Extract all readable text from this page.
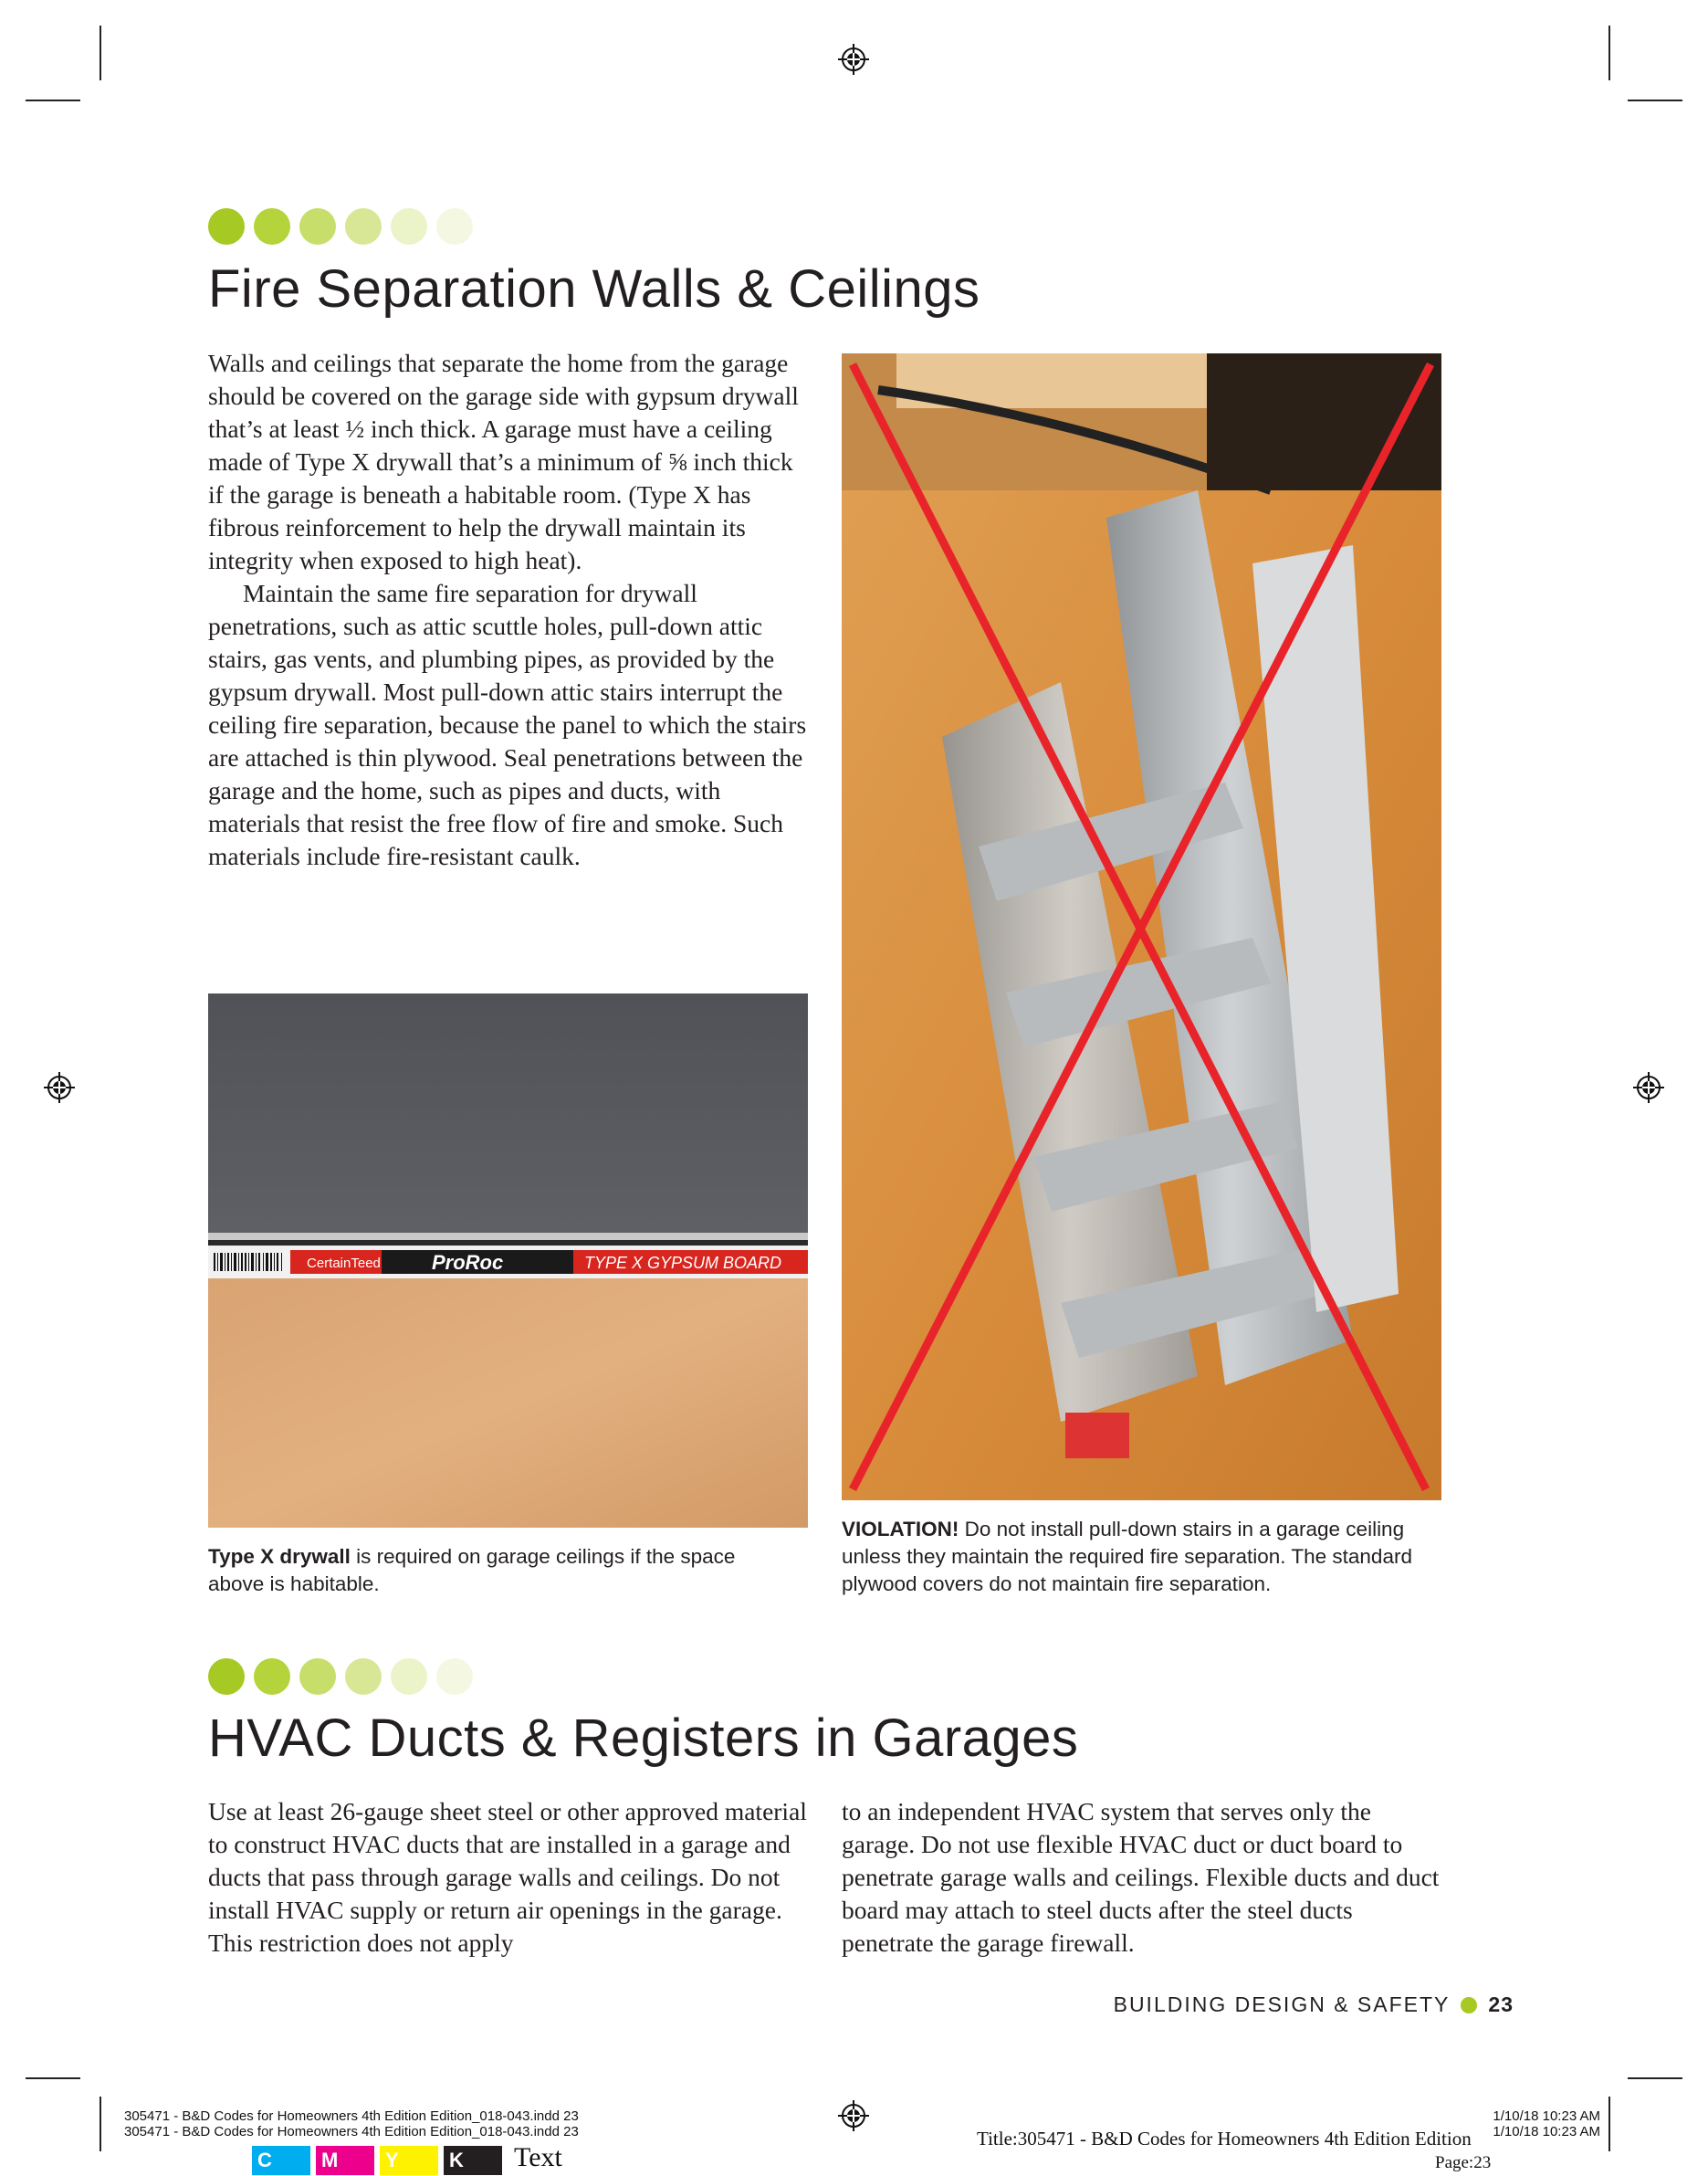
Fire Separation Walls & Ceilings

Walls and ceilings that separate the home from the garage should be covered on the garage side with gypsum drywall that’s at least ½ inch thick. A garage must have a ceiling made of Type X drywall that’s a minimum of ⅝ inch thick if the garage is beneath a habitable room. (Type X has fibrous reinforcement to help the drywall maintain its integrity when exposed to high heat).

Maintain the same fire separation for drywall penetrations, such as attic scuttle holes, pull-down attic stairs, gas vents, and plumbing pipes, as provided by the gypsum drywall. Most pull-down attic stairs interrupt the ceiling fire separation, because the panel to which the stairs are attached is thin plywood. Seal penetrations between the garage and the home, such as pipes and ducts, with materials that resist the free flow of fire and smoke. Such materials include fire-resistant caulk.

CertainTeed	ProRoc	TYPE X GYPSUM BOARD

Type X drywall is required on garage ceilings if the space above is habitable.

VIOLATION! Do not install pull-down stairs in a garage ceiling unless they maintain the required fire separation. The standard plywood covers do not maintain fire separation.

HVAC Ducts & Registers in Garages

Use at least 26-gauge sheet steel or other approved material to construct HVAC ducts that are installed in a garage and ducts that pass through garage walls and ceilings. Do not install HVAC supply or return air openings in the garage. This restriction does not apply

to an independent HVAC system that serves only the garage. Do not use flexible HVAC duct or duct board to penetrate garage walls and ceilings. Flexible ducts and duct board may attach to steel ducts after the steel ducts penetrate the garage firewall.

BUILDING DESIGN & SAFETY 23
305471 - B&D Codes for Homeowners 4th Edition Edition_018-043.indd 23
305471 - B&D Codes for Homeowners 4th Edition Edition_018-043.indd 23
1/10/18 10:23 AM
1/10/18 10:23 AM
Title:305471 - B&D Codes for Homeowners 4th Edition Edition
Page:23
C	M	Y	K	Text
